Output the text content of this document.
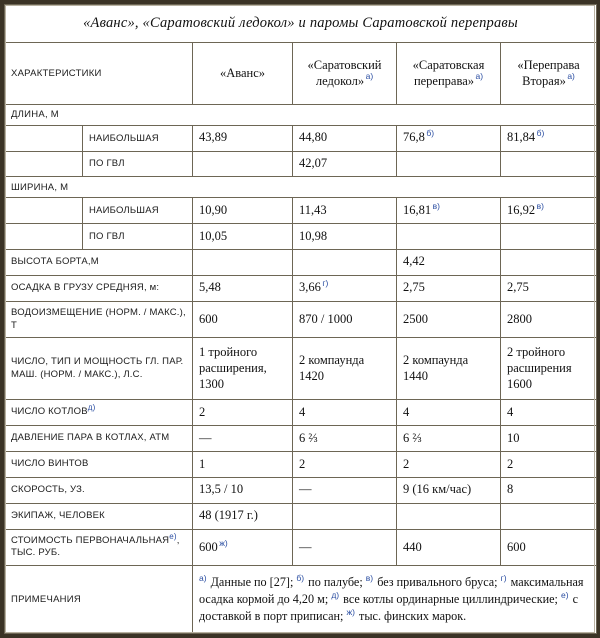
«Аванс», «Саратовский ледокол» и паромы Саратовской переправы					
ХАРАКТЕРИСТИКИ		«Аванс»	«Саратовский ледокол» $^{а)}$	«Саратовская переправа» $^{а)}$	«Переправа Вторая» $^{а)}$
ДЛИНА, М					
	НАИБОЛЬШАЯ	43,89	44,80	76,8 $^{б)}$	81,84 $^{б)}$
	ПО ГВЛ		42,07		
ШИРИНА, М					
	НАИБОЛЬШАЯ	10,90	11,43	16,81 $^{в)}$	16,92 $^{в)}$
	ПО ГВЛ	10,05	10,98		
ВЫСОТА БОРТА,М				4,42	
ОСАДКА В ГРУЗУ СРЕДНЯЯ, м:		5,48	3,66 $^{г)}$	2,75	2,75
ВОДОИЗМЕЩЕНИЕ (НОРМ. / МАКС.), Т		600	870 / 1000	2500	2800
ЧИСЛО, ТИП И МОЩНОСТЬ ГЛ. ПАР. МАШ. (НОРМ. / МАКС.), Л.С.		1 тройного расширения, 1300	2 компаунда 1420	2 компаунда 1440	2 тройного расширения 1600
ЧИСЛО КОТЛОВ$^{д)}$		2	4	4	4
ДАВЛЕНИЕ ПАРА В КОТЛАХ, АТМ		—	6 ⅔	6 ⅔	10
ЧИСЛО ВИНТОВ		1	2	2	2
СКОРОСТЬ, УЗ.		13,5 / 10	—	9 (16 км/час)	8
ЭКИПАЖ, ЧЕЛОВЕК		48 (1917 г.)			
СТОИМОСТЬ ПЕРВОНАЧАЛЬНАЯ$^{е)}$, ТЫС. РУБ.		600 $^{ж)}$	—	440	600
ПРИМЕЧАНИЯ		$^{а)}$ Данные по [27]; $^{б)}$ по палубе; $^{в)}$ без привального бруса; $^{г)}$ максимальная осадка кормой до 4,20 м; $^{д)}$ все котлы ординарные циллиндрические; $^{е)}$ с доставкой в порт приписан; $^{ж)}$ тыс. финских марок.			
